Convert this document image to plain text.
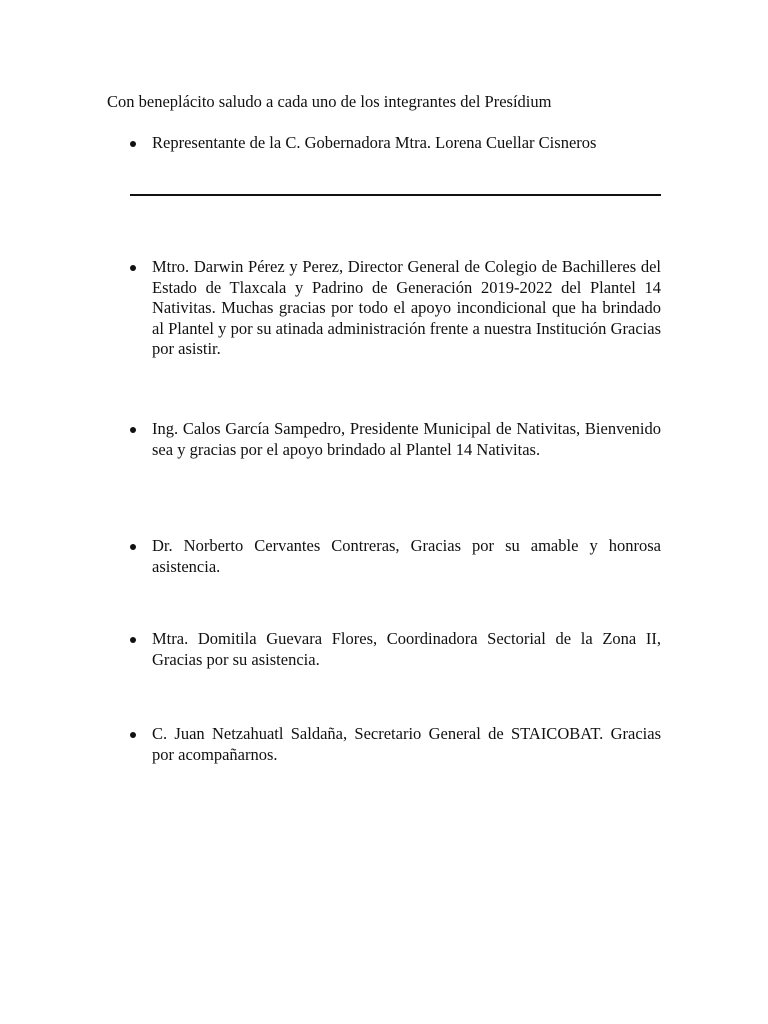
Con beneplácito saludo a cada uno de los integrantes del Presídium
Representante de la C. Gobernadora Mtra. Lorena Cuellar Cisneros
Mtro. Darwin Pérez y Perez, Director General de Colegio de Bachilleres del Estado de Tlaxcala y Padrino de Generación 2019-2022 del Plantel 14 Nativitas. Muchas gracias por todo el apoyo incondicional que ha brindado al Plantel y por su atinada administración frente a nuestra Institución Gracias por asistir.
Ing. Calos García Sampedro, Presidente Municipal de Nativitas, Bienvenido sea y gracias por el apoyo brindado al Plantel 14 Nativitas.
Dr. Norberto Cervantes Contreras, Gracias por su amable y honrosa asistencia.
Mtra. Domitila Guevara Flores, Coordinadora Sectorial de la Zona II, Gracias por su asistencia.
C. Juan Netzahuatl Saldaña, Secretario General de STAICOBAT. Gracias por acompañarnos.
